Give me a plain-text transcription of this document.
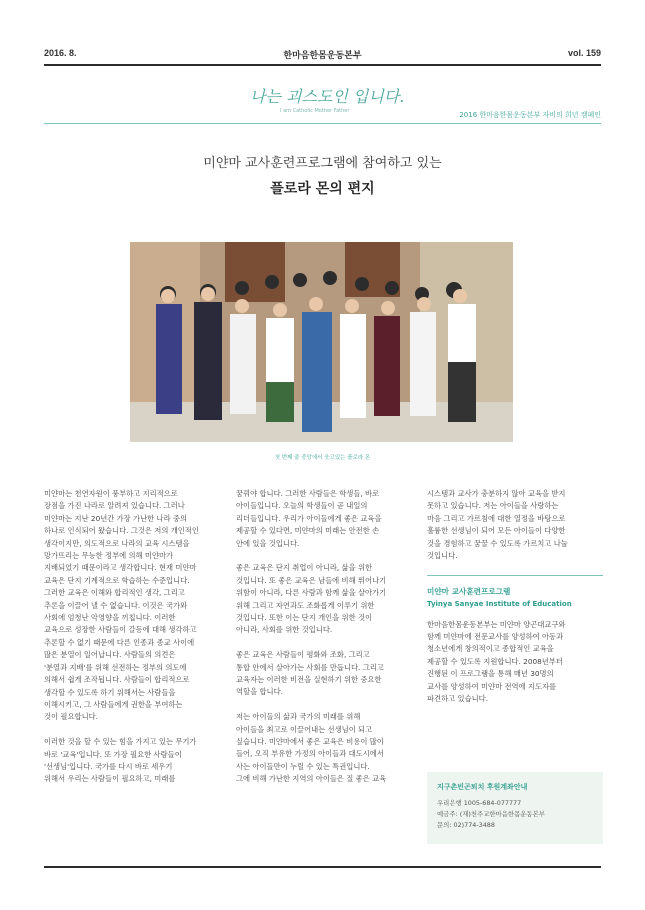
2016. 8.	한마음한몸운동본부	vol. 159
나는 괴스도인 입니다.
I am Catholic Mother Father	2016 한마음한몸운동본부 자비의 희년 캠페인
미얀마 교사훈련프로그램에 참여하고 있는
플로라 몬의 편지
첫 번째 줄 중앙에서 웃고있는 플로라 몬

미얀마는 천연자원이 풍부하고 지리적으로
장점을 가진 나라로 알려져 있습니다. 그러나
미얀마는 지난 20년간 가장 가난한 나라 중의
하나로 인식되어 왔습니다. 그것은 저의 개인적인
생각이지만, 의도적으로 나라의 교육 시스템을
망가뜨리는 무능한 정부에 의해 미얀마가
지배되었기 때문이라고 생각합니다. 현재 미얀마
교육은 단지 기계적으로 학습하는 수준입니다.
그러한 교육은 이해와 합리적인 생각, 그리고
추론을 이끌어 낼 수 없습니다. 이것은 국가와
사회에 엄청난 악영향을 끼칩니다. 이러한
교육으로 성장한 사람들이 갈등에 대해 생각하고
추론할 수 없기 때문에 다른 인종과 종교 사이에
많은 분열이 일어납니다. 사람들의 의견은
'분열과 지배'를 위해 선전하는 정부의 의도에
의해서 쉽게 조작됩니다. 사람들이 합리적으로
생각할 수 있도록 하기 위해서는 사람들을
이해시키고, 그 사람들에게 권한을 부여하는
것이 필요합니다.

이러한 것을 할 수 있는 힘을 가지고 있는 무기가
바로 '교육'입니다. 또 가장 필요한 사람들이
'선생님'입니다. 국가를 다시 바로 세우기
위해서 우리는 사람들이 필요하고, 미래를

꿈꿔야 합니다. 그러한 사람들은 학생들, 바로
아이들입니다. 오늘의 학생들이 곧 내일의
리더들입니다. 우리가 아이들에게 좋은 교육을
제공할 수 있다면, 미얀마의 미래는 안전한 손
안에 있을 것입니다.

좋은 교육은 단지 취업이 아니라, 삶을 위한
것입니다. 또 좋은 교육은 남들에 비해 뛰어나기
위함이 아니라, 다른 사람과 함께 삶을 살아가기
위해 그리고 자연과도 조화롭게 이루기 위한
것입니다. 또한 이는 단지 개인을 위한 것이
아니라, 사회를 위한 것입니다.

좋은 교육은 사람들이 평화와 조화, 그리고
통합 안에서 살아가는 사회를 만듭니다. 그리고
교육자는 이러한 비전을 실현하기 위한 중요한
역할을 합니다.

저는 아이들의 삶과 국가의 미래를 위해
아이들을 최고로 이끌어내는 선생님이 되고
싶습니다. 미얀마에서 좋은 교육은 비용이 많이
들어, 오직 부유한 가정의 아이들과 대도시에서
사는 아이들만이 누릴 수 있는 특권입니다.
그에 비해 가난한 지역의 아이들은 질 좋은 교육

시스템과 교사가 충분하지 않아 교육을 받지
못하고 있습니다. 저는 아이들을 사랑하는
마음 그리고 가르침에 대한 열정을 바탕으로
훌륭한 선생님이 되어 모든 아이들이 다양한
것을 경험하고 꿈꿀 수 있도록 가르치고 나눌
것입니다.

미얀마 교사훈련프로그램
Tyinya Sanyae Institute of Education

한마음한몸운동본부는 미얀마 양곤대교구와
함께 미얀마에 전문교사를 양성하여 아동과
청소년에게 창의적이고 종합적인 교육을
제공할 수 있도록 지원합니다. 2008년부터
진행된 이 프로그램을 통해 매년 30명의
교사를 양성하여 미얀마 전역에 지도자를
파견하고 있습니다.

지구촌빈곤퇴치 후원계좌안내
우리은행 1005-684-077777
예금주: (재)천주교한마음한몸운동본부
문의: 02)774-3488
